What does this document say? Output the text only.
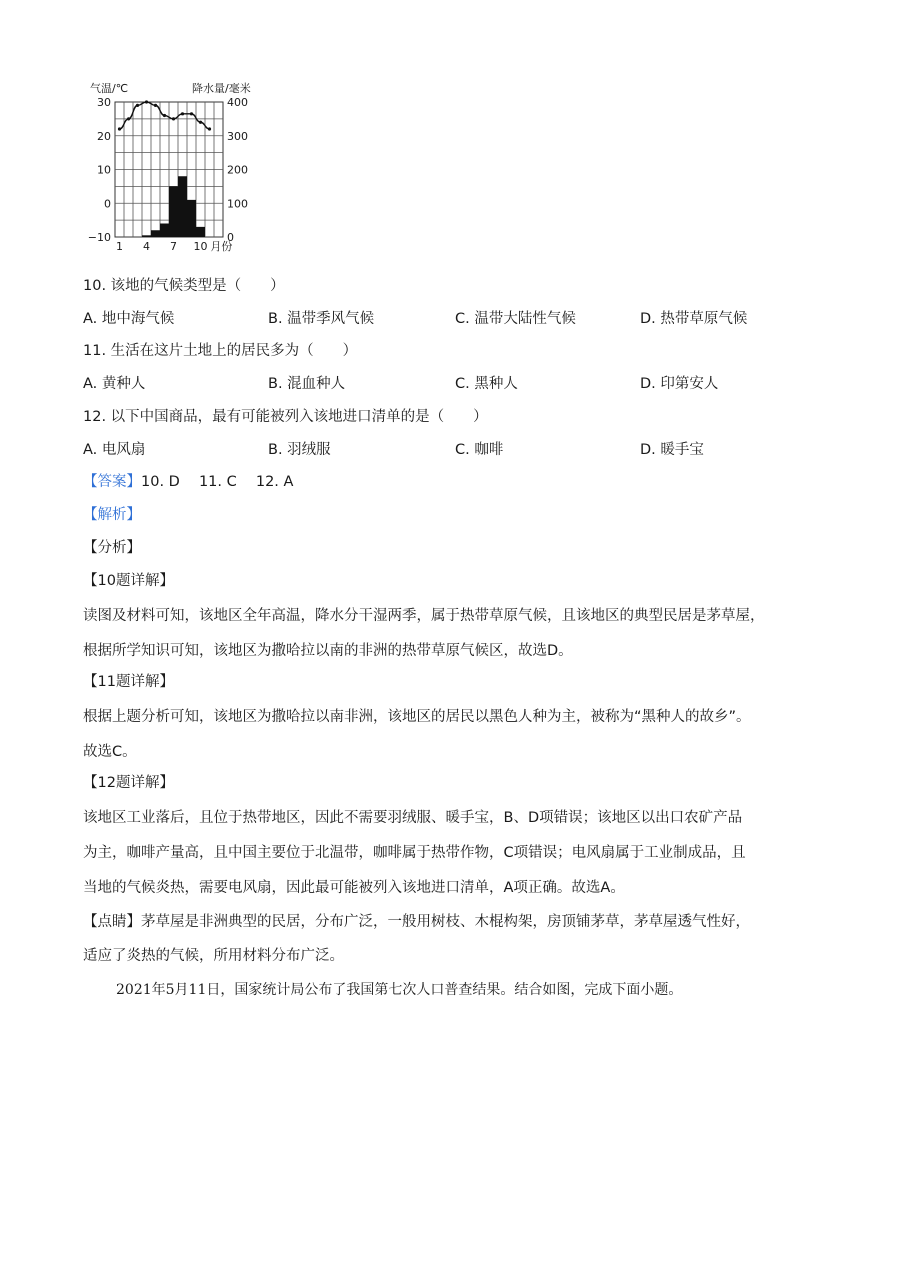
气温/℃	降水量/毫米
30
20
10
0
−10
400
300
200
100
0
1 4 7 10 月份
10. 该地的气候类型是（　　）
A. 地中海气候	B. 温带季风气候	C. 温带大陆性气候	D. 热带草原气候
11. 生活在这片土地上的居民多为（　　）
A. 黄种人	B. 混血种人	C. 黑种人	D. 印第安人
12. 以下中国商品，最有可能被列入该地进口清单的是（　　）
A. 电风扇	B. 羽绒服	C. 咖啡	D. 暖手宝
【答案】10. D　 11. C　 12. A
【解析】
【分析】
【10题详解】
读图及材料可知，该地区全年高温，降水分干湿两季，属于热带草原气候，且该地区的典型民居是茅草屋，
根据所学知识可知，该地区为撒哈拉以南的非洲的热带草原气候区，故选D。
【11题详解】
根据上题分析可知，该地区为撒哈拉以南非洲，该地区的居民以黑色人种为主，被称为“黑种人的故乡”。
故选C。
【12题详解】
该地区工业落后，且位于热带地区，因此不需要羽绒服、暖手宝，B、D项错误；该地区以出口农矿产品
为主，咖啡产量高，且中国主要位于北温带，咖啡属于热带作物，C项错误；电风扇属于工业制成品，且
当地的气候炎热，需要电风扇，因此最可能被列入该地进口清单，A项正确。故选A。
【点睛】茅草屋是非洲典型的民居，分布广泛，一般用树枝、木棍构架，房顶铺茅草，茅草屋透气性好，
适应了炎热的气候，所用材料分布广泛。
2021年5月11日，国家统计局公布了我国第七次人口普查结果。结合如图，完成下面小题。
